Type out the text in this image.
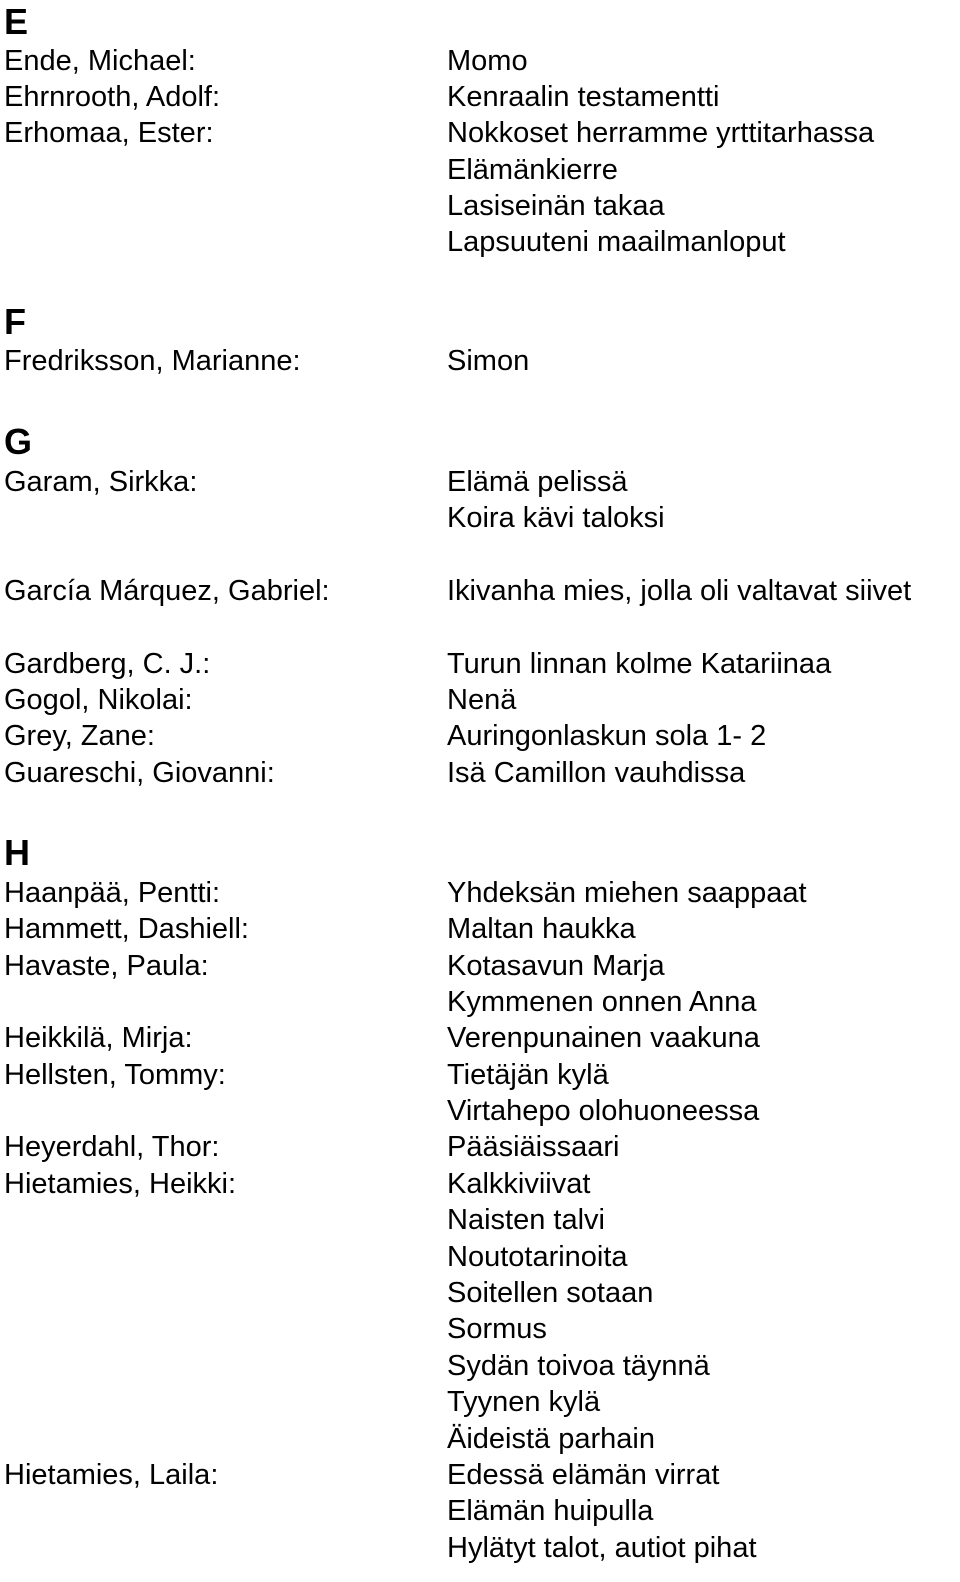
E
Ende, Michael:	Momo
Ehrnrooth, Adolf:	Kenraalin testamentti
Erhomaa, Ester:	Nokkoset herramme yrttitarhassa
Elämänkierre
Lasiseinän takaa
Lapsuuteni maailmanloput
F
Fredriksson, Marianne:	Simon
G
Garam, Sirkka:	Elämä pelissä
Koira kävi taloksi
García Márquez, Gabriel:	Ikivanha mies, jolla oli valtavat siivet
Gardberg, C. J.:	Turun linnan kolme Katariinaa
Gogol, Nikolai:	Nenä
Grey, Zane:	Auringonlaskun sola 1- 2
Guareschi, Giovanni:	Isä Camillon vauhdissa
H
Haanpää, Pentti:	Yhdeksän miehen saappaat
Hammett, Dashiell:	Maltan haukka
Havaste, Paula:	Kotasavun Marja
Kymmenen onnen Anna
Heikkilä, Mirja:	Verenpunainen vaakuna
Hellsten, Tommy:	Tietäjän kylä
Virtahepo olohuoneessa
Heyerdahl, Thor:	Pääsiäissaari
Hietamies, Heikki:	Kalkkiviivat
Naisten talvi
Noutotarinoita
Soitellen sotaan
Sormus
Sydän toivoa täynnä
Tyynen kylä
Äideistä parhain
Hietamies, Laila:	Edessä elämän virrat
Elämän huipulla
Hylätyt talot, autiot pihat
